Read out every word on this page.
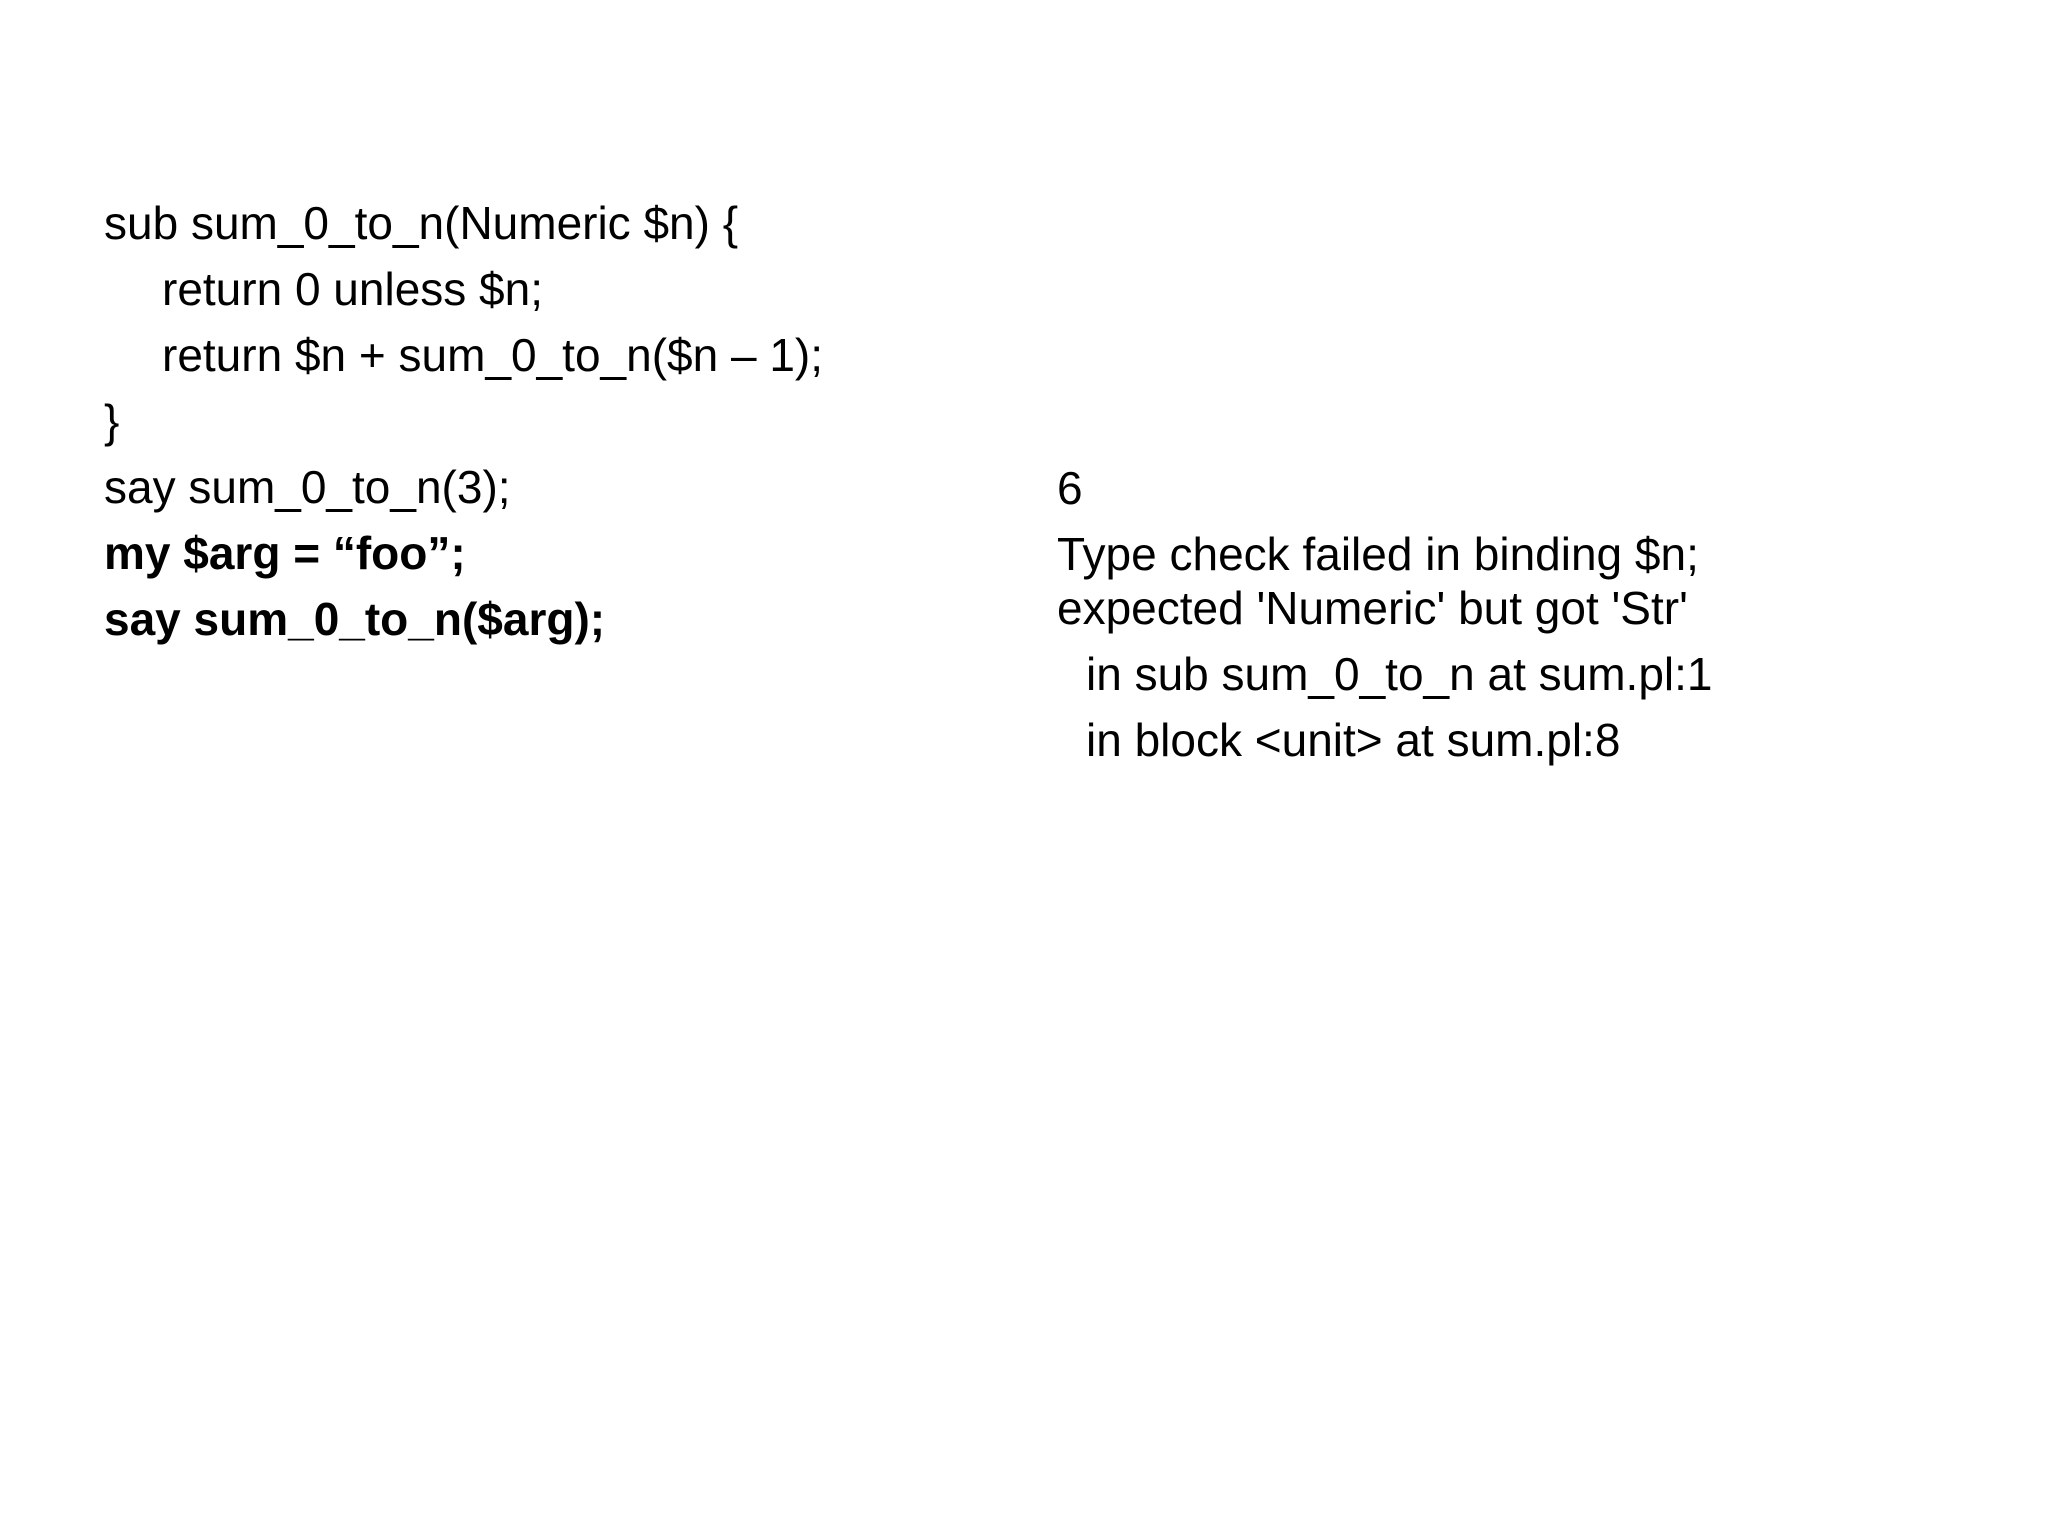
sub sum_0_to_n(Numeric $n) {
return 0 unless $n;
return $n + sum_0_to_n($n – 1);
}
say sum_0_to_n(3);
my $arg = “foo”;
say sum_0_to_n($arg);
6
Type check failed in binding $n;
expected 'Numeric' but got 'Str'
in sub sum_0_to_n at sum.pl:1
in block <unit> at sum.pl:8
